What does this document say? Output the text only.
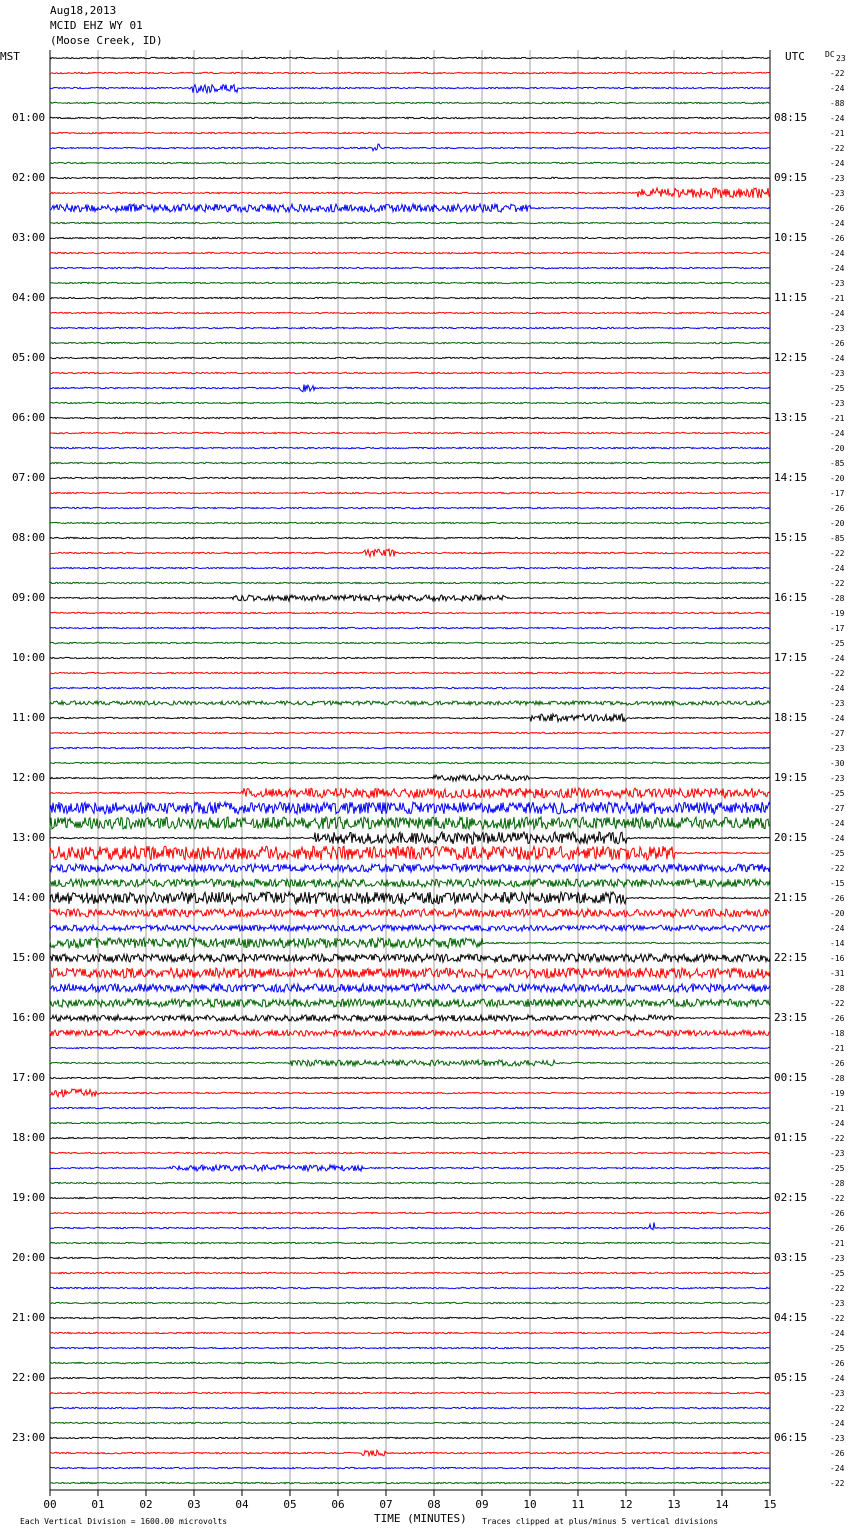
00	01	02	03	04	05	06	07	08	09	10	11	12	13	14	15
Aug18,2013
MCID EHZ WY 01
(Moose Creek, ID)
MST	UTC	DC
01:00
02:00
03:00
04:00
05:00
06:00
07:00
08:00
09:00
10:00
11:00
12:00
13:00
14:00
15:00
16:00
17:00
18:00
19:00
20:00
21:00
22:00
23:00
08:15
09:15
10:15
11:15
12:15
13:15
14:15
15:15
16:15
17:15
18:15
19:15
20:15
21:15
22:15
23:15
00:15
01:15
02:15
03:15
04:15
05:15
06:15
23
-22
-24
-88
-24
-21
-22
-24
-23
-23
-26
-24
-26
-24
-24
-23
-21
-24
-23
-26
-24
-23
-25
-23
-21
-24
-20
-85
-20
-17
-26
-20
-85
-22
-24
-22
-28
-19
-17
-25
-24
-22
-24
-23
-24
-27
-23
-30
-23
-25
-27
-24
-24
-25
-22
-15
-26
-20
-24
-14
-16
-31
-28
-22
-26
-18
-21
-26
-28
-19
-21
-24
-22
-23
-25
-28
-22
-26
-26
-21
-23
-25
-22
-23
-22
-24
-25
-26
-24
-23
-22
-24
-23
-26
-24
-22
TIME (MINUTES)
Each Vertical Division = 1600.00 microvolts	Traces clipped at plus/minus 5 vertical divisions
